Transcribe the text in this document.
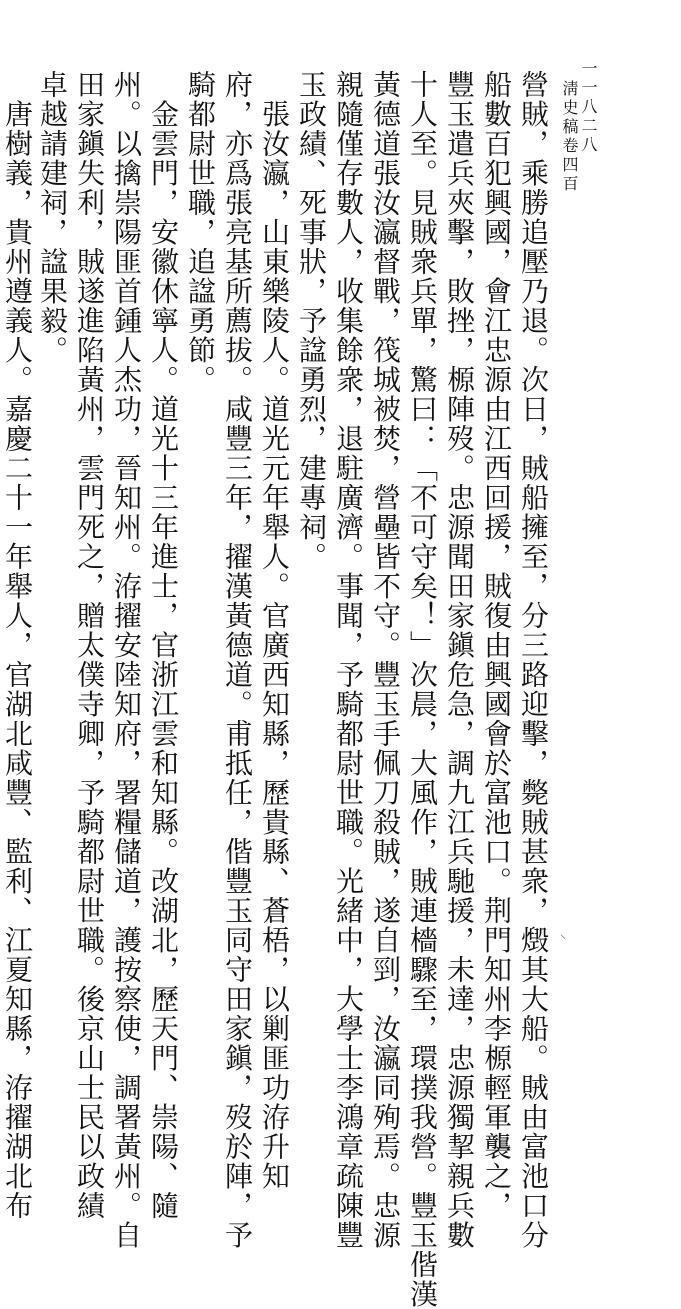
一一八二八
淸史稿卷四百
營賊，乘勝追壓乃退。次日，賊船擁至，分三路迎擊，斃賊甚衆，燬其大船。賊由富池口分
船數百犯興國，會江忠源由江西回援，賊復由興國會於富池口。荆門知州李榞輕軍襲之，
豐玉遣兵夾擊，敗挫，榞陣歿。忠源聞田家鎭危急，調九江兵馳援，未達，忠源獨挈親兵數
十人至。見賊衆兵單，驚曰：「不可守矣！」次晨，大風作，賊連檣驟至，環撲我營。豐玉偕漢
黃德道張汝瀛督戰，筏城被焚，營壘皆不守。豐玉手佩刀殺賊，遂自剄，汝瀛同殉焉。忠源
親隨僅存數人，收集餘衆，退駐廣濟。事聞，予騎都尉世職。光緒中，大學士李鴻章疏陳豐
玉政績、死事狀，予諡勇烈，建專祠。
　張汝瀛，山東樂陵人。道光元年舉人。官廣西知縣，歷貴縣、蒼梧，以剿匪功洊升知
府，亦爲張亮基所薦拔。咸豐三年，擢漢黃德道。甫抵任，偕豐玉同守田家鎭，歿於陣，予
騎都尉世職，追諡勇節。
　金雲門，安徽休寧人。道光十三年進士，官浙江雲和知縣。改湖北，歷天門、崇陽、隨
州。以擒崇陽匪首鍾人杰功，晉知州。洊擢安陸知府，署糧儲道，護按察使，調署黃州。自
田家鎭失利，賊遂進陷黃州，雲門死之，贈太僕寺卿，予騎都尉世職。後京山士民以政績
卓越請建祠，諡果毅。
　唐樹義，貴州遵義人。嘉慶二十一年舉人，官湖北咸豐、監利、江夏知縣，洊擢湖北布	⸜
